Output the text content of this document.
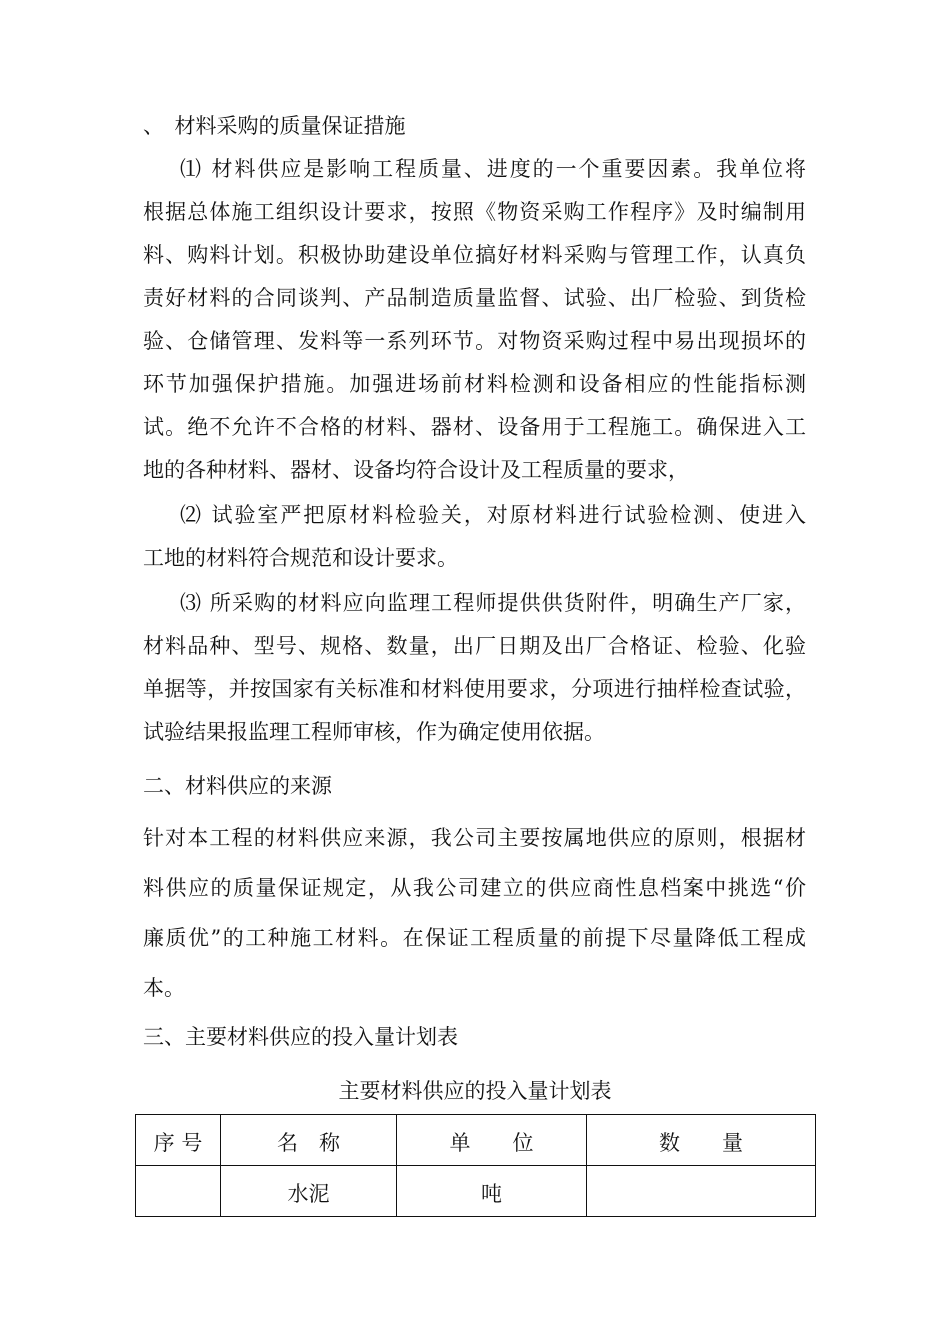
、　材料采购的质量保证措施
⑴ 材料供应是影响工程质量、进度的一个重要因素。我单位将
根据总体施工组织设计要求，按照《物资采购工作程序》及时编制用
料、购料计划。积极协助建设单位搞好材料采购与管理工作，认真负
责好材料的合同谈判、产品制造质量监督、试验、出厂检验、到货检
验、仓储管理、发料等一系列环节。对物资采购过程中易出现损坏的
环节加强保护措施。加强进场前材料检测和设备相应的性能指标测
试。绝不允许不合格的材料、器材、设备用于工程施工。确保进入工
地的各种材料、器材、设备均符合设计及工程质量的要求，
⑵ 试验室严把原材料检验关，对原材料进行试验检测、使进入
工地的材料符合规范和设计要求。
⑶ 所采购的材料应向监理工程师提供供货附件，明确生产厂家，
材料品种、型号、规格、数量，出厂日期及出厂合格证、检验、化验
单据等，并按国家有关标准和材料使用要求，分项进行抽样检查试验，
试验结果报监理工程师审核，作为确定使用依据。
二、材料供应的来源
针对本工程的材料供应来源，我公司主要按属地供应的原则，根据材
料供应的质量保证规定，从我公司建立的供应商性息档案中挑选“价
廉质优”的工种施工材料。在保证工程质量的前提下尽量降低工程成
本。
三、主要材料供应的投入量计划表
主要材料供应的投入量计划表
序 号	名　称	单　　位	数　　量
	水泥	吨	
